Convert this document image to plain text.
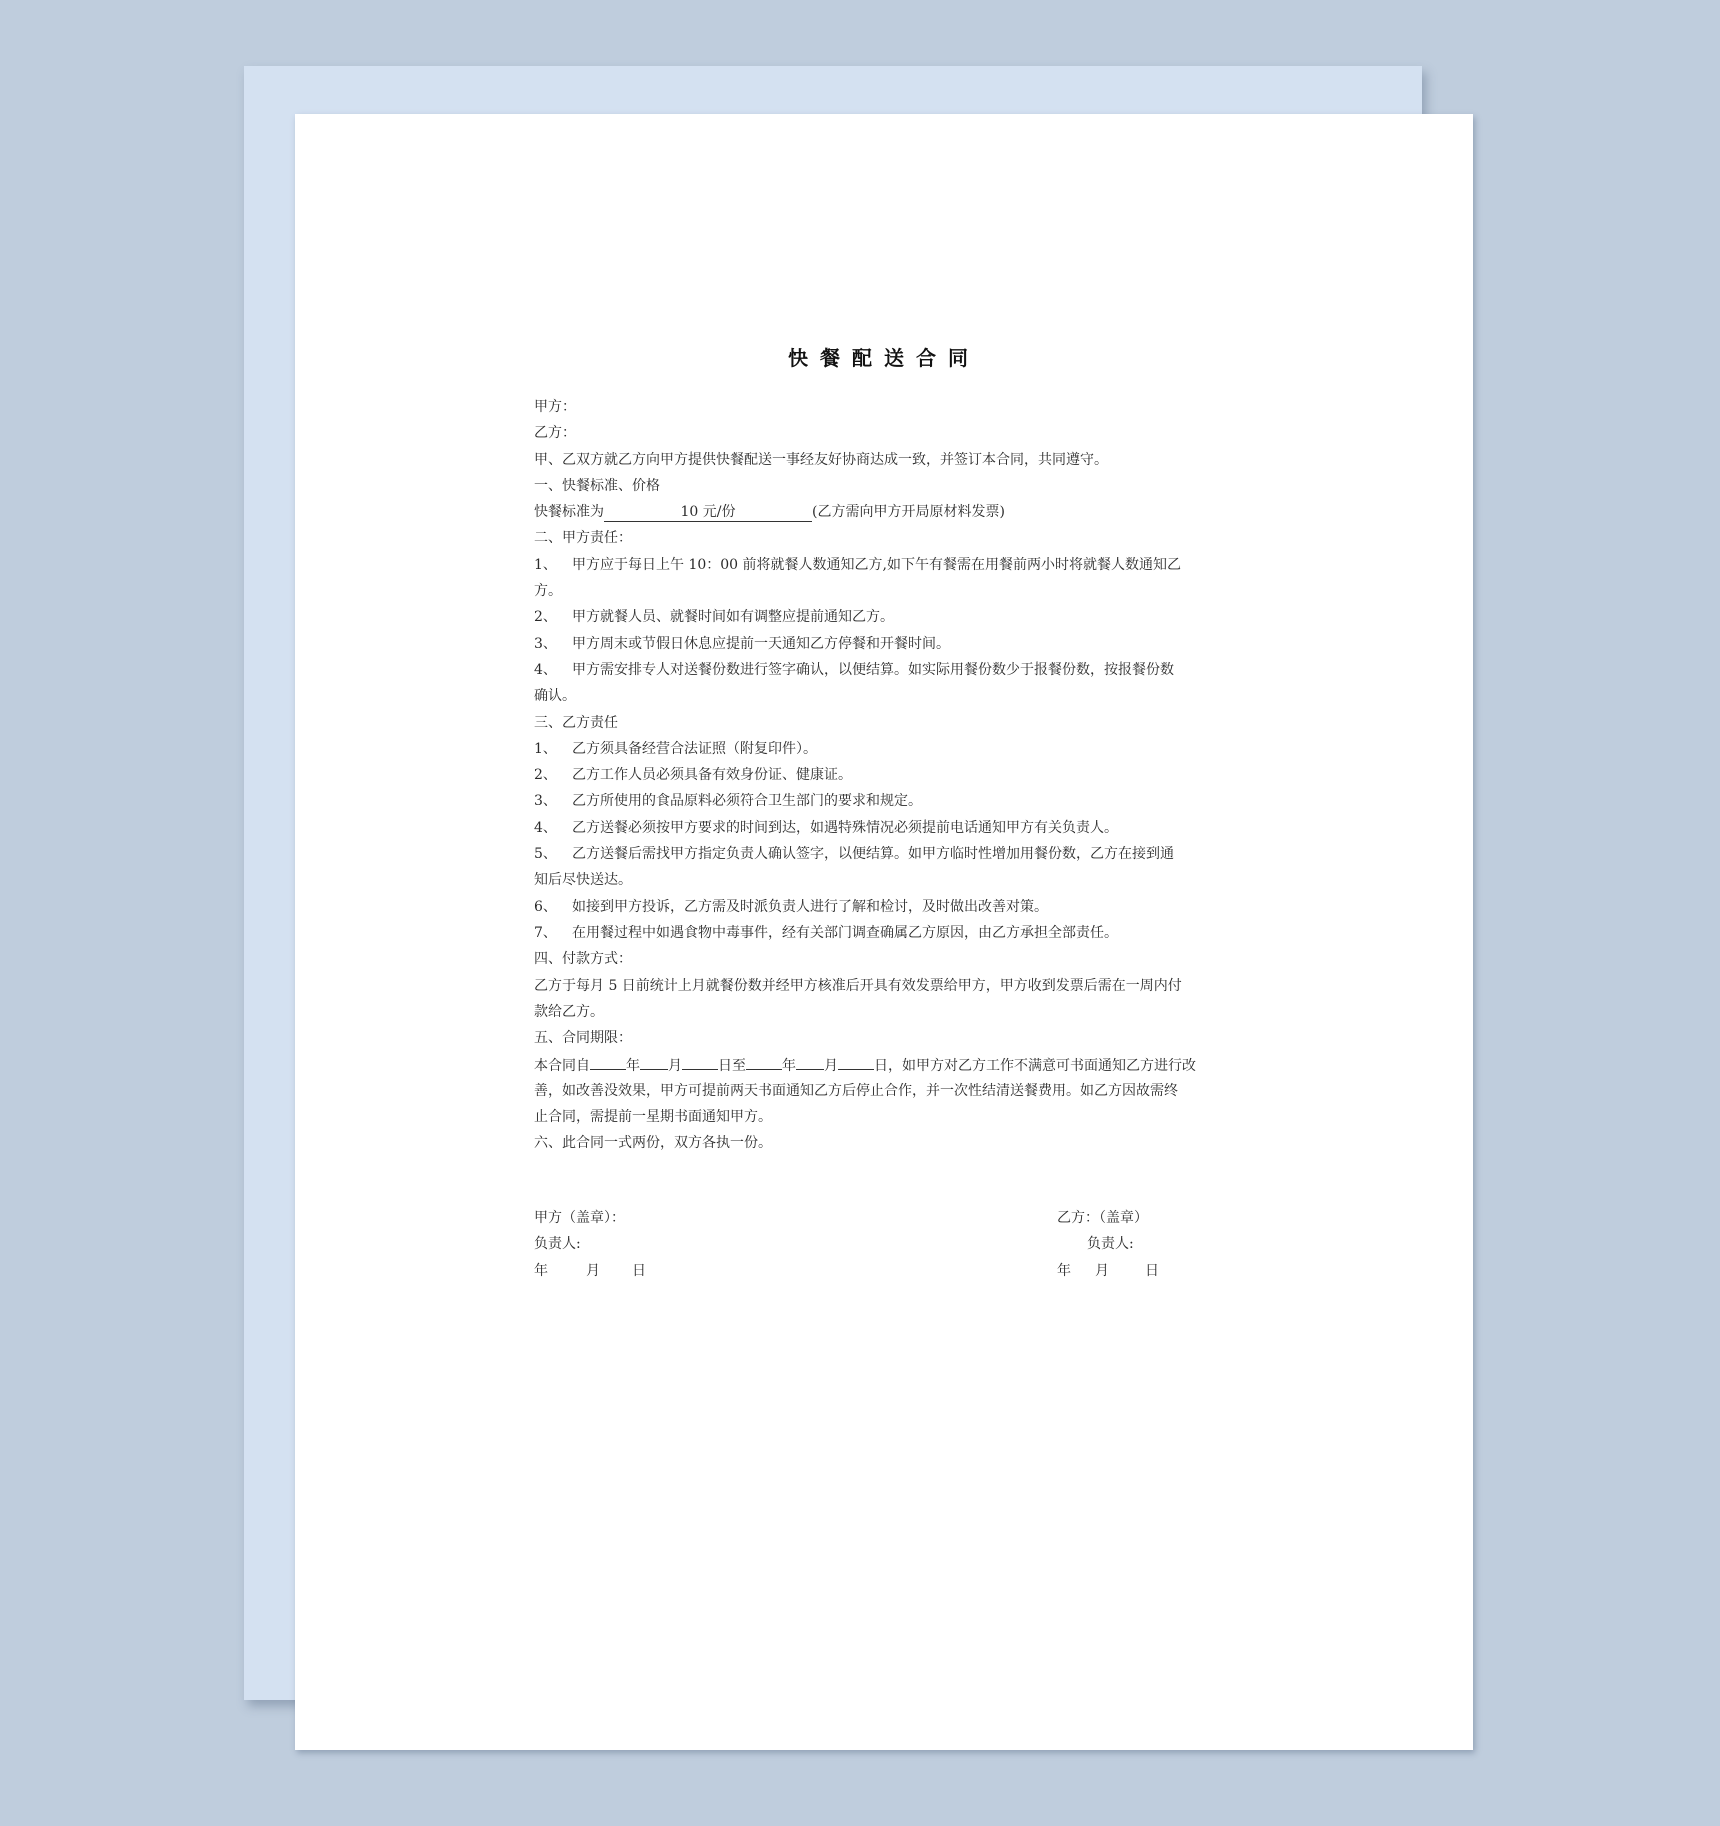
快餐配送合同
甲方：
乙方：
甲、乙双方就乙方向甲方提供快餐配送一事经友好协商达成一致，并签订本合同，共同遵守。
一、快餐标准、价格
快餐标准为	10 元/份	(乙方需向甲方开局原材料发票)
二、甲方责任：
1、 甲方应于每日上午 10：00 前将就餐人数通知乙方,如下午有餐需在用餐前两小时将就餐人数通知乙
方。
2、 甲方就餐人员、就餐时间如有调整应提前通知乙方。
3、 甲方周末或节假日休息应提前一天通知乙方停餐和开餐时间。
4、 甲方需安排专人对送餐份数进行签字确认，以便结算。如实际用餐份数少于报餐份数，按报餐份数
确认。
三、乙方责任
1、 乙方须具备经营合法证照（附复印件）。
2、 乙方工作人员必须具备有效身份证、健康证。
3、 乙方所使用的食品原料必须符合卫生部门的要求和规定。
4、 乙方送餐必须按甲方要求的时间到达，如遇特殊情况必须提前电话通知甲方有关负责人。
5、 乙方送餐后需找甲方指定负责人确认签字，以便结算。如甲方临时性增加用餐份数，乙方在接到通
知后尽快送达。
6、 如接到甲方投诉，乙方需及时派负责人进行了解和检讨，及时做出改善对策。
7、 在用餐过程中如遇食物中毒事件，经有关部门调查确属乙方原因，由乙方承担全部责任。
四、付款方式：
乙方于每月 5 日前统计上月就餐份数并经甲方核准后开具有效发票给甲方，甲方收到发票后需在一周内付
款给乙方。
五、合同期限：
本合同自	年 月	日至	年 月	日，如甲方对乙方工作不满意可书面通知乙方进行改
善，如改善没效果，甲方可提前两天书面通知乙方后停止合作，并一次性结清送餐费用。如乙方因故需终
止合同，需提前一星期书面通知甲方。
六、此合同一式两份，双方各执一份。
甲方（盖章）：
负责人:
年	月 日
乙方：（盖章）
负责人:
年 月	日
